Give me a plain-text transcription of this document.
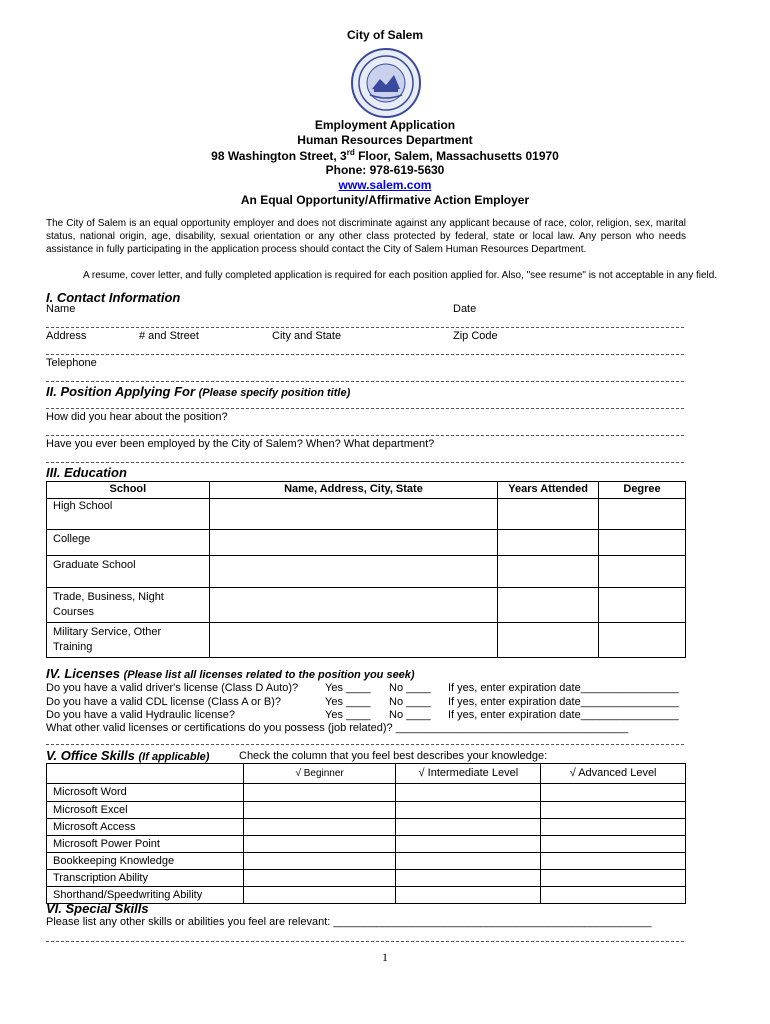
City of Salem
Employment Application
Human Resources Department
98 Washington Street, 3rd Floor, Salem, Massachusetts 01970
Phone: 978-619-5630
www.salem.com
An Equal Opportunity/Affirmative Action Employer
The City of Salem is an equal opportunity employer and does not discriminate against any applicant because of race, color, religion, sex, marital status, national origin, age, disability, sexual orientation or any other class protected by federal, state or local law. Any person who needs assistance in fully participating in the application process should contact the City of Salem Human Resources Department.
A resume, cover letter, and fully completed application is required for each position applied for. Also, "see resume" is not acceptable in any field.
I. Contact Information
Name	Date
Address	# and Street	City and State	Zip Code
Telephone
II. Position Applying For (Please specify position title)
How did you hear about the position?
Have you ever been employed by the City of Salem? When? What department?
III. Education
School	Name, Address, City, State	Years Attended	Degree
High School			
College			
Graduate School			
Trade, Business, Night Courses			
Military Service, Other Training			
IV. Licenses (Please list all licenses related to the position you seek)
Do you have a valid driver's license (Class D Auto)? Yes ____ No ____ If yes, enter expiration date________________
Do you have a valid CDL license (Class A or B)?	Yes ____ No ____ If yes, enter expiration date________________
Do you have a valid Hydraulic license?	Yes ____ No ____ If yes, enter expiration date________________
What other valid licenses or certifications do you possess (job related)? ______________________________________
V. Office Skills (If applicable)	Check the column that you feel best describes your knowledge:
	√ Beginner	√ Intermediate Level	√ Advanced Level
Microsoft Word			
Microsoft Excel			
Microsoft Access			
Microsoft Power Point			
Bookkeeping Knowledge			
Transcription Ability			
Shorthand/Speedwriting Ability			
VI. Special Skills
Please list any other skills or abilities you feel are relevant: ____________________________________________________
1
